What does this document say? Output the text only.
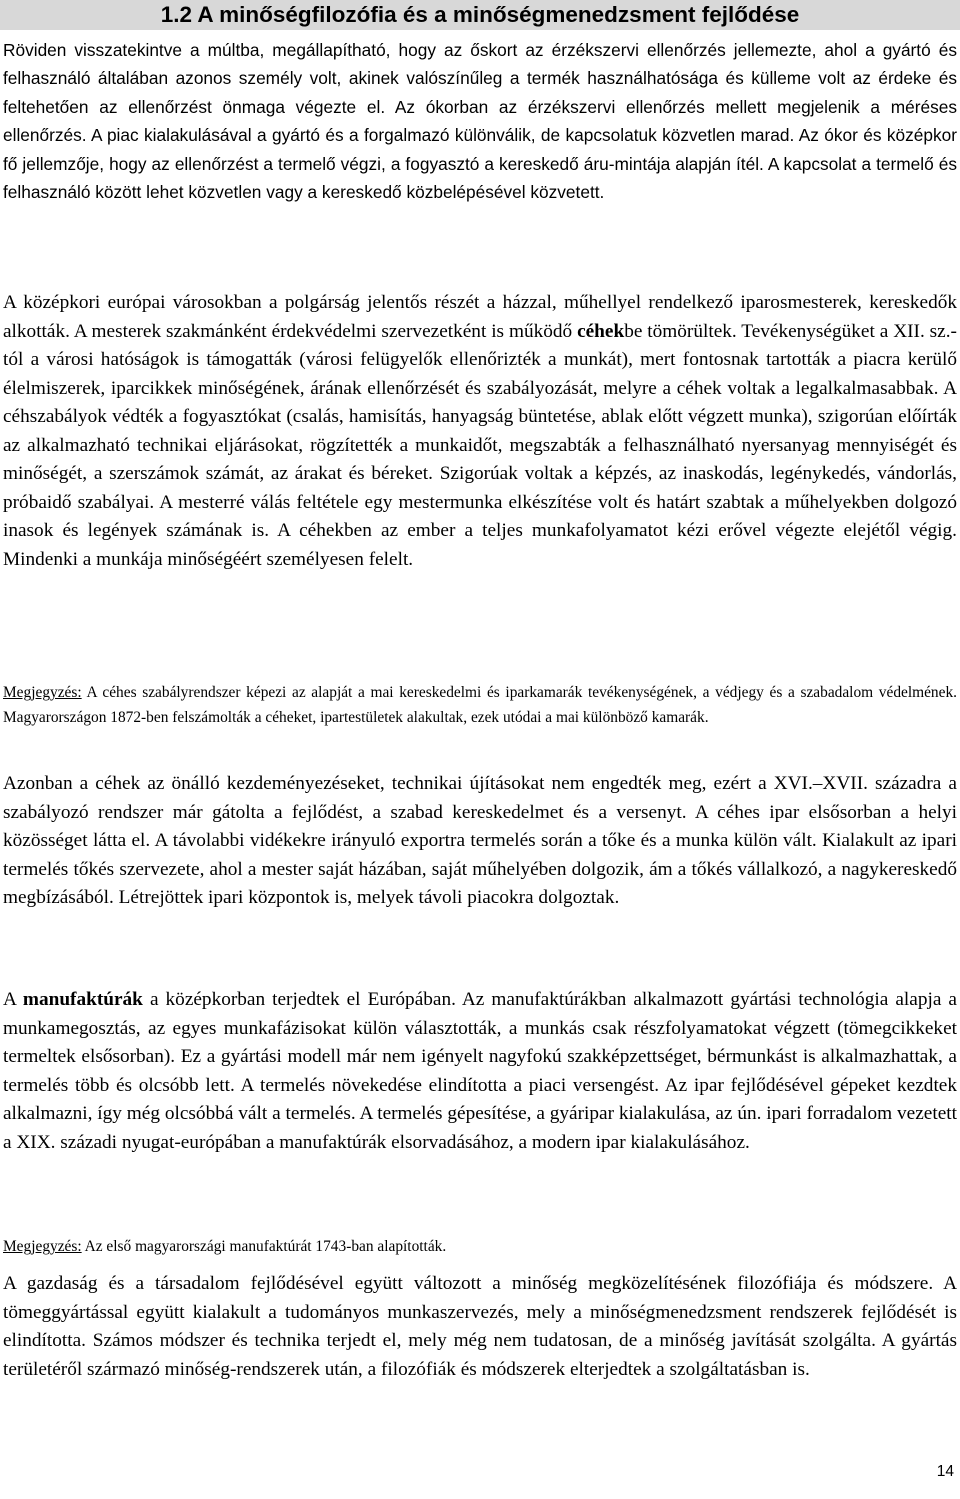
1.2 A minőségfilozófia és a minőségmenedzsment fejlődése
Röviden visszatekintve a múltba, megállapítható, hogy az őskort az érzékszervi ellenőrzés jellemezte, ahol a gyártó és felhasználó általában azonos személy volt, akinek valószínűleg a termék használhatósága és külleme volt az érdeke és feltehetően az ellenőrzést önmaga végezte el. Az ókorban az érzékszervi ellenőrzés mellett megjelenik a méréses ellenőrzés. A piac kialakulásával a gyártó és a forgalmazó különválik, de kapcsolatuk közvetlen marad. Az ókor és középkor fő jellemzője, hogy az ellenőrzést a termelő végzi, a fogyasztó a kereskedő áru-mintája alapján ítél. A kapcsolat a termelő és felhasználó között lehet közvetlen vagy a kereskedő közbelépésével közvetett.
A középkori európai városokban a polgárság jelentős részét a házzal, műhellyel rendelkező iparosmesterek, kereskedők alkották. A mesterek szakmánként érdekvédelmi szervezetként is működő céhekbe tömörültek. Tevékenységüket a XII. sz.-tól a városi hatóságok is támogatták (városi felügyelők ellenőrizték a munkát), mert fontosnak tartották a piacra kerülő élelmiszerek, iparcikkek minőségének, árának ellenőrzését és szabályozását, melyre a céhek voltak a legalkalmasabbak. A céhszabályok védték a fogyasztókat (csalás, hamisítás, hanyagság büntetése, ablak előtt végzett munka), szigorúan előírták az alkalmazható technikai eljárásokat, rögzítették a munkaidőt, megszabták a felhasználható nyersanyag mennyiségét és minőségét, a szerszámok számát, az árakat és béreket. Szigorúak voltak a képzés, az inaskodás, legénykedés, vándorlás, próbaidő szabályai. A mesterré válás feltétele egy mestermunka elkészítése volt és határt szabtak a műhelyekben dolgozó inasok és legények számának is. A céhekben az ember a teljes munkafolyamatot kézi erővel végezte elejétől végig. Mindenki a munkája minőségéért személyesen felelt.
Megjegyzés: A céhes szabályrendszer képezi az alapját a mai kereskedelmi és iparkamarák tevékenységének, a védjegy és a szabadalom védelmének. Magyarországon 1872-ben felszámolták a céheket, ipartestületek alakultak, ezek utódai a mai különböző kamarák.
Azonban a céhek az önálló kezdeményezéseket, technikai újításokat nem engedték meg, ezért a XVI.–XVII. századra a szabályozó rendszer már gátolta a fejlődést, a szabad kereskedelmet és a versenyt. A céhes ipar elsősorban a helyi közösséget látta el. A távolabbi vidékekre irányuló exportra termelés során a tőke és a munka külön vált. Kialakult az ipari termelés tőkés szervezete, ahol a mester saját házában, saját műhelyében dolgozik, ám a tőkés vállalkozó, a nagykereskedő megbízásából. Létrejöttek ipari központok is, melyek távoli piacokra dolgoztak.
A manufaktúrák a középkorban terjedtek el Európában. Az manufaktúrákban alkalmazott gyártási technológia alapja a munkamegosztás, az egyes munkafázisokat külön választották, a munkás csak részfolyamatokat végzett (tömegcikkeket termeltek elsősorban). Ez a gyártási modell már nem igényelt nagyfokú szakképzettséget, bérmunkást is alkalmazhattak, a termelés több és olcsóbb lett. A termelés növekedése elindította a piaci versengést. Az ipar fejlődésével gépeket kezdtek alkalmazni, így még olcsóbbá vált a termelés. A termelés gépesítése, a gyáripar kialakulása, az ún. ipari forradalom vezetett a XIX. századi nyugat-európában a manufaktúrák elsorvadásához, a modern ipar kialakulásához.
Megjegyzés: Az első magyarországi manufaktúrát 1743-ban alapították.
A gazdaság és a társadalom fejlődésével együtt változott a minőség megközelítésének filozófiája és módszere. A tömeggyártással együtt kialakult a tudományos munkaszervezés, mely a minőségmenedzsment rendszerek fejlődését is elindította. Számos módszer és technika terjedt el, mely még nem tudatosan, de a minőség javítását szolgálta. A gyártás területéről származó minőség-rendszerek után, a filozófiák és módszerek elterjedtek a szolgáltatásban is.
14
